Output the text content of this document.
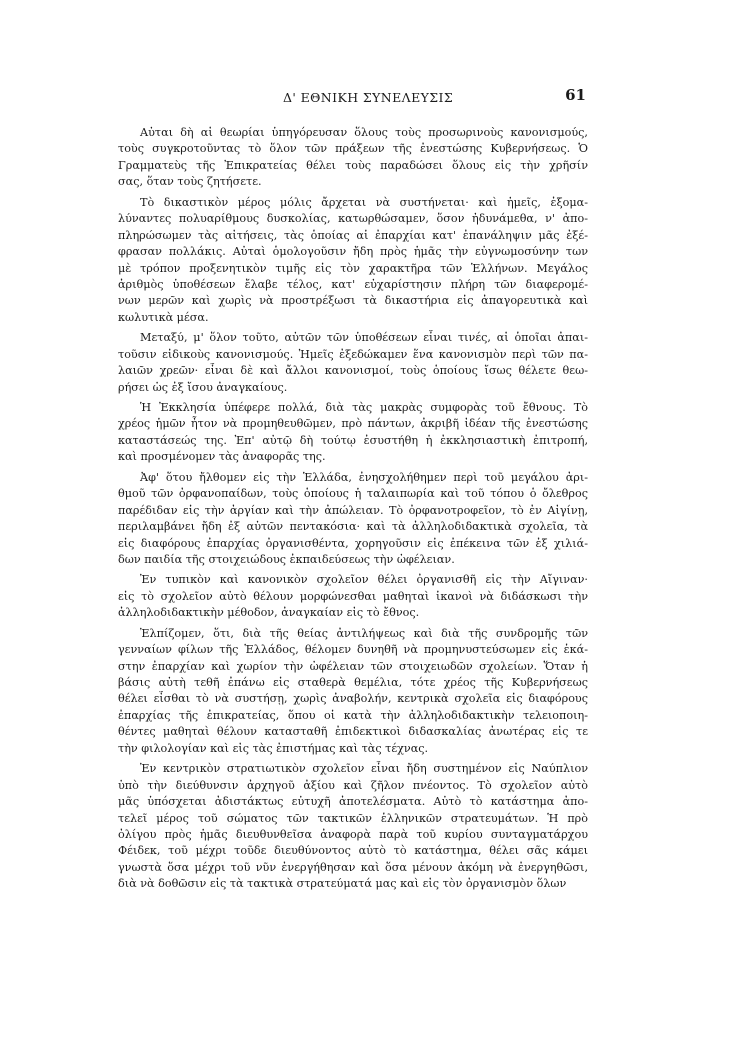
Δ' ΕΘΝΙΚΗ ΣΥΝΕΛΕΥΣΙΣ	61
Αὐται δὴ αἱ θεωρίαι ὑπηγόρευσαν ὅλους τοὺς προσωρινοὺς κανονισμούς,
τοὺς συγκροτοῦντας τὸ ὅλον τῶν πράξεων τῆς ἐνεστώσης Κυβερνήσεως. Ὁ
Γραμματεὺς τῆς Ἐπικρατείας θέλει τοὺς παραδώσει ὅλους εἰς τὴν χρῆσίν
σας, ὅταν τοὺς ζητήσετε.
Τὸ δικαστικὸν μέρος μόλις ἄρχεται νὰ συστήνεται· καὶ ἡμεῖς, ἐξομα-
λύναντες πολυαρίθμους δυσκολίας, κατωρθώσαμεν, ὅσον ἠδυνάμεθα, ν' ἀπο-
πληρώσωμεν τὰς αἰτήσεις, τὰς ὁποίας αἱ ἐπαρχίαι κατ' ἐπανάληψιν μᾶς ἐξέ-
φρασαν πολλάκις. Αὐταὶ ὁμολογοῦσιν ἤδη πρὸς ἡμᾶς τὴν εὐγνωμοσύνην των
μὲ τρόπον προξενητικὸν τιμῆς εἰς τὸν χαρακτῆρα τῶν Ἑλλήνων. Μεγάλος
ἀριθμὸς ὑποθέσεων ἔλαβε τέλος, κατ' εὐχαρίστησιν πλήρη τῶν διαφερομέ-
νων μερῶν καὶ χωρὶς νὰ προστρέξωσι τὰ δικαστήρια εἰς ἀπαγορευτικὰ καὶ
κωλυτικὰ μέσα.
Μεταξύ, μ' ὅλον τοῦτο, αὐτῶν τῶν ὑποθέσεων εἶναι τινές, αἱ ὁποῖαι ἀπαι-
τοῦσιν εἰδικοὺς κανονισμούς. Ἡμεῖς ἐξεδώκαμεν ἕνα κανονισμὸν περὶ τῶν πα-
λαιῶν χρεῶν· εἶναι δὲ καὶ ἄλλοι κανονισμοί, τοὺς ὁποίους ἴσως θέλετε θεω-
ρήσει ὡς ἐξ ἴσου ἀναγκαίους.
Ἡ Ἐκκλησία ὑπέφερε πολλά, διὰ τὰς μακρὰς συμφορὰς τοῦ ἔθνους. Τὸ
χρέος ἡμῶν ἦτον νὰ προμηθευθῶμεν, πρὸ πάντων, ἀκριβῆ ἰδέαν τῆς ἐνεστώσης
καταστάσεώς της. Ἐπ' αὐτῷ δὴ τούτῳ ἐσυστήθη ἡ ἐκκλησιαστικὴ ἐπιτροπή,
καὶ προσμένομεν τὰς ἀναφορᾶς της.
Ἀφ' ὅτου ἤλθομεν εἰς τὴν Ἑλλάδα, ἐνησχολήθημεν περὶ τοῦ μεγάλου ἀρι-
θμοῦ τῶν ὀρφανοπαίδων, τοὺς ὁποίους ἡ ταλαιπωρία καὶ τοῦ τόπου ὁ ὄλεθρος
παρέδιδαν εἰς τὴν ἀργίαν καὶ τὴν ἀπώλειαν. Τὸ ὀρφανοτροφεῖον, τὸ ἐν Αἰγίνῃ,
περιλαμβάνει ἤδη ἐξ αὐτῶν πεντακόσια· καὶ τὰ ἀλληλοδιδακτικὰ σχολεῖα, τὰ
εἰς διαφόρους ἐπαρχίας ὀργανισθέντα, χορηγοῦσιν εἰς ἐπέκεινα τῶν ἐξ χιλιά-
δων παιδία τῆς στοιχειώδους ἐκπαιδεύσεως τὴν ὠφέλειαν.
Ἐν τυπικὸν καὶ κανονικὸν σχολεῖον θέλει ὀργανισθῆ εἰς τὴν Αἴγιναν·
εἰς τὸ σχολεῖον αὐτὸ θέλουν μορφώνεσθαι μαθηταὶ ἱκανοὶ νὰ διδάσκωσι τὴν
ἀλληλοδιδακτικὴν μέθοδον, ἀναγκαίαν εἰς τὸ ἔθνος.
Ἐλπίζομεν, ὅτι, διὰ τῆς θείας ἀντιλήψεως καὶ διὰ τῆς συνδρομῆς τῶν
γενναίων φίλων τῆς Ἑλλάδος, θέλομεν δυνηθῆ νὰ προμηνυστεύσωμεν εἰς ἑκά-
στην ἐπαρχίαν καὶ χωρίον τὴν ὠφέλειαν τῶν στοιχειωδῶν σχολείων. Ὅταν ἡ
βάσις αὐτὴ τεθῆ ἐπάνω εἰς σταθερὰ θεμέλια, τότε χρέος τῆς Κυβερνήσεως
θέλει εἶσθαι τὸ νὰ συστήσῃ, χωρὶς ἀναβολήν, κεντρικὰ σχολεῖα εἰς διαφόρους
ἐπαρχίας τῆς ἐπικρατείας, ὅπου οἱ κατὰ τὴν ἀλληλοδιδακτικὴν τελειοποιη-
θέντες μαθηταὶ θέλουν κατασταθῆ ἐπιδεκτικοὶ διδασκαλίας ἀνωτέρας εἰς τε
τὴν φιλολογίαν καὶ εἰς τὰς ἐπιστήμας καὶ τὰς τέχνας.
Ἐν κεντρικὸν στρατιωτικὸν σχολεῖον εἶναι ἤδη συστημένον εἰς Ναύπλιον
ὑπὸ τὴν διεύθυνσιν ἀρχηγοῦ ἀξίου καὶ ζῆλον πνέοντος. Τὸ σχολεῖον αὐτὸ
μᾶς ὑπόσχεται ἀδιστάκτως εὐτυχῆ ἀποτελέσματα. Αὐτὸ τὸ κατάστημα ἀπο-
τελεῖ μέρος τοῦ σώματος τῶν τακτικῶν ἑλληνικῶν στρατευμάτων. Ἡ πρὸ
ὀλίγου πρὸς ἡμᾶς διευθυνθεῖσα ἀναφορὰ παρὰ τοῦ κυρίου συνταγματάρχου
Φέιδεκ, τοῦ μέχρι τοῦδε διευθύνοντος αὐτὸ τὸ κατάστημα, θέλει σᾶς κάμει
γνωστὰ ὅσα μέχρι τοῦ νῦν ἐνεργήθησαν καὶ ὅσα μένουν ἀκόμη νὰ ἐνεργηθῶσι,
διὰ νὰ δοθῶσιν εἰς τὰ τακτικὰ στρατεύματά μας καὶ εἰς τὸν ὀργανισμὸν ὅλων
